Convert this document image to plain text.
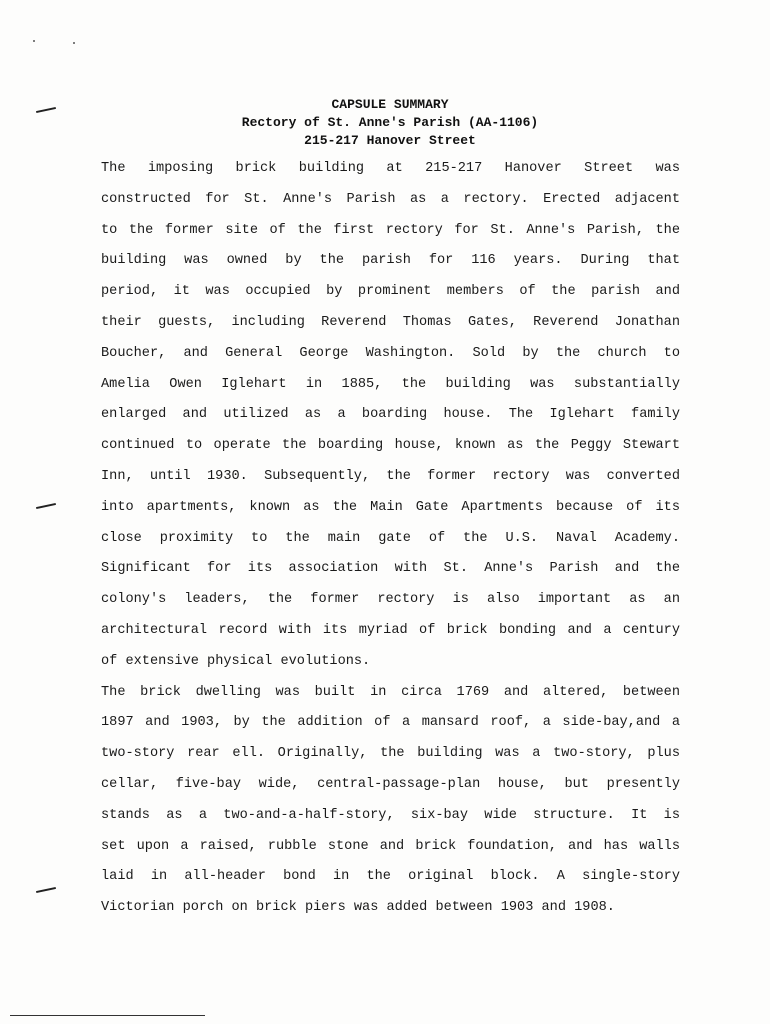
CAPSULE SUMMARY
Rectory of St. Anne's Parish (AA-1106)
215-217 Hanover Street
The imposing brick building at 215-217 Hanover Street was
constructed for St. Anne's Parish as a rectory. Erected adjacent
to the former site of the first rectory for St. Anne's Parish, the
building was owned by the parish for 116 years. During that
period, it was occupied by prominent members of the parish and
their guests, including Reverend Thomas Gates, Reverend Jonathan
Boucher, and General George Washington. Sold by the church to
Amelia Owen Iglehart in 1885, the building was substantially
enlarged and utilized as a boarding house. The Iglehart family
continued to operate the boarding house, known as the Peggy Stewart
Inn, until 1930. Subsequently, the former rectory was converted
into apartments, known as the Main Gate Apartments because of its
close proximity to the main gate of the U.S. Naval Academy.
Significant for its association with St. Anne's Parish and the
colony's leaders, the former rectory is also important as an
architectural record with its myriad of brick bonding and a century
of extensive physical evolutions.
The brick dwelling was built in circa 1769 and altered, between
1897 and 1903, by the addition of a mansard roof, a side-bay,and a
two-story rear ell. Originally, the building was a two-story, plus
cellar, five-bay wide, central-passage-plan house, but presently
stands as a two-and-a-half-story, six-bay wide structure. It is
set upon a raised, rubble stone and brick foundation, and has walls
laid in all-header bond in the original block. A single-story
Victorian porch on brick piers was added between 1903 and 1908.
